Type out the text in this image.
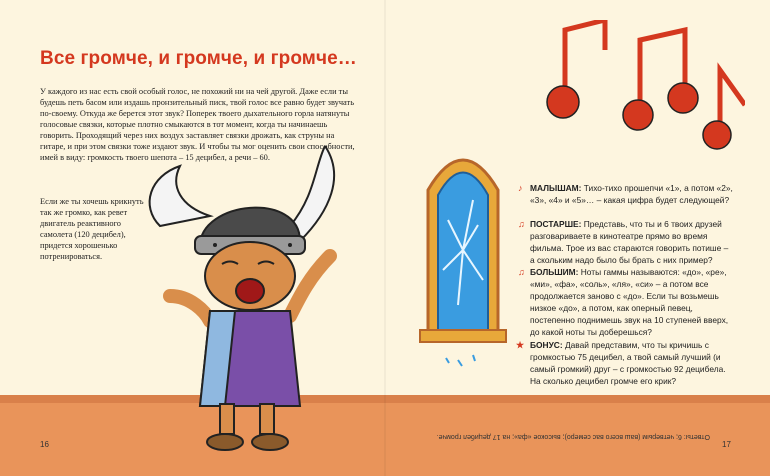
Все громче, и громче, и громче…

У каждого из нас есть свой особый голос, не похожий ни на чей другой. Даже если ты будешь петь басом или издашь пронзительный писк, твой голос все равно будет звучать по-своему. Откуда же берется этот звук? Поперек твоего дыхательного горла натянуты голосовые связки, которые плотно смыкаются в тот момент, когда ты начинаешь говорить. Проходящий через них воздух заставляет связки дрожать, как струны на гитаре, и при этом связки тоже издают звук. И чтобы ты мог оценить свои способности, имей в виду: громкость твоего шепота – 15 децибел, а речи – 60.

Если же ты хочешь крикнуть так же громко, как ревет двигатель реактивного самолета (120 децибел), придется хорошенько потренироваться.

♪ МАЛЫШАМ: Тихо-тихо прошепчи «1», а потом «2», «3», «4» и «5»… – какая цифра будет следующей?
♫ ПОСТАРШЕ: Представь, что ты и 6 твоих друзей разговариваете в кинотеатре прямо во время фильма. Трое из вас стараются говорить потише – а скольким надо было бы брать с них пример?
♫ БОЛЬШИМ: Ноты гаммы называются: «до», «ре», «ми», «фа», «соль», «ля», «си» – а потом все продолжается заново с «до». Если ты возьмешь низкое «до», а потом, как оперный певец, постепенно поднимешь звук на 10 ступеней вверх, до какой ноты ты доберешься?
★ БОНУС: Давай представим, что ты кричишь с громкостью 75 децибел, а твой самый лучший (и самый громкий) друг – с громкостью 92 децибела. На сколько децибел громче его крик?
Ответы: 6; четверым (ваш всего вас семеро); высокое «фа»; на 17 децибел громче.
16	17
